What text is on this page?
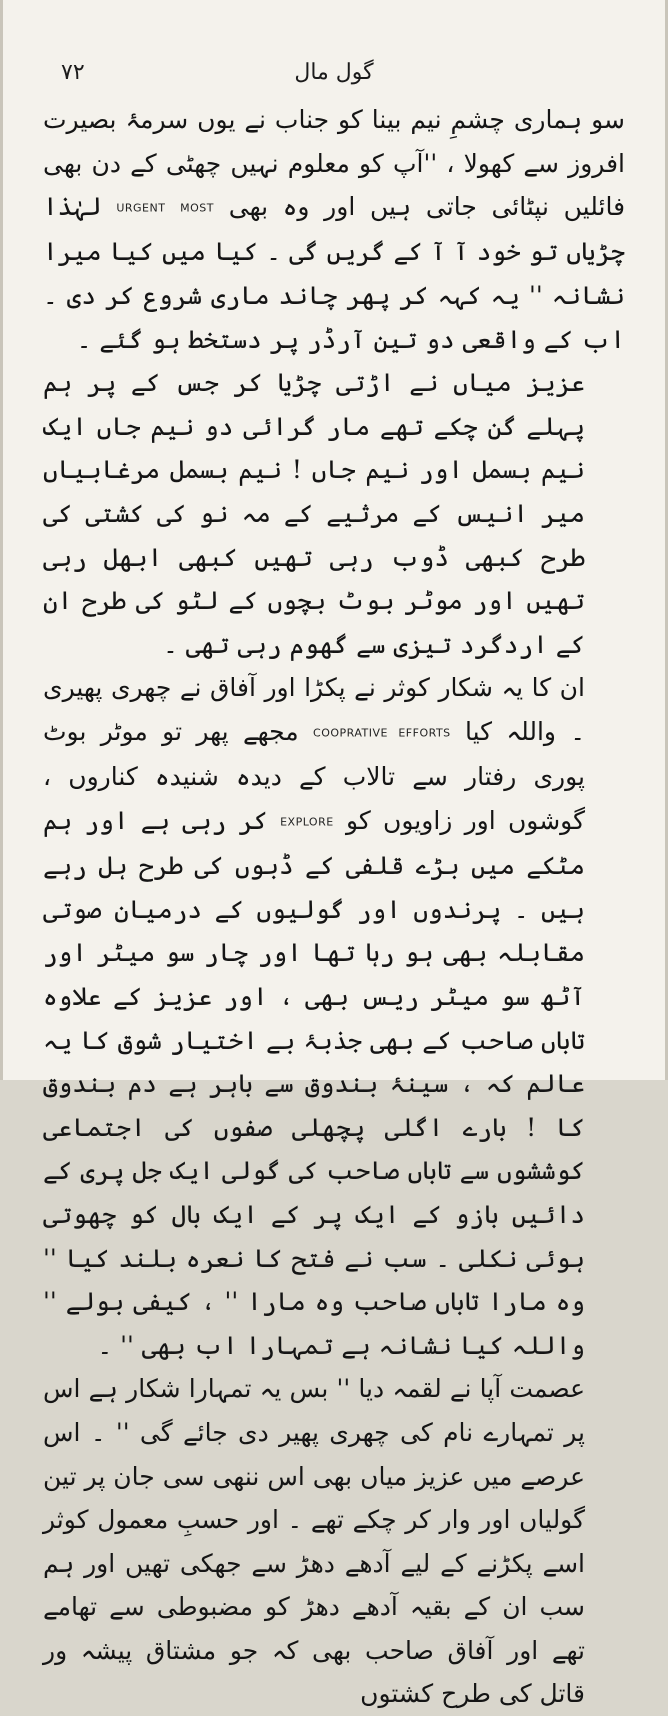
۷۲	گول مال

سو ہماری چشمِ نیم بینا کو جناب نے یوں سرمۂ بصیرت افروز سے کھولا ، ''آپ کو معلوم نہیں چھٹی کے دن بھی فائلیں نپٹائی جاتی ہیں اور وہ بھی MOST URGENT لہٰذا چڑیاں تو خود آ آ کے گریں گی ۔ کیا میں کیا میرا نشانہ '' یہ کہہ کر پھر چاند ماری شروع کر دی ۔ اب کے واقعی دو تین آرڈر پر دستخط ہو گئے ۔

عزیز میاں نے اڑتی چڑیا کر جس کے پر ہم پہلے گن چکے تھے مار گرائی دو نیم جاں ایک نیم بسمل اور نیم جاں ! نیم بسمل مرغابیاں میر انیس کے مرثیے کے مہ نو کی کشتی کی طرح کبھی ڈوب رہی تھیں کبھی ابھل رہی تھیں اور موٹر بوٹ بچوں کے لٹو کی طرح ان کے اردگرد تیزی سے گھوم رہی تھی ۔

ان کا یہ شکار کوثر نے پکڑا اور آفاق نے چھری پھیری ۔ واللہ کیا COOPRATIVE EFFORTS مجھے پھر تو موٹر بوٹ پوری رفتار سے تالاب کے دیدہ شنیدہ کناروں ، گوشوں اور زاویوں کو EXPLORE کر رہی ہے اور ہم مٹکے میں بڑے قلفی کے ڈبوں کی طرح ہل رہے ہیں ۔ پرندوں اور گولیوں کے درمیان صوتی مقابلہ بھی ہو رہا تھا اور چار سو میٹر اور آٹھ سو میٹر ریس بھی ، اور عزیز کے علاوہ تاباں صاحب کے بھی جذبۂ بے اختیار شوق کا یہ عالم کہ ، سینۂ بندوق سے باہر ہے دم بندوق کا ! بارے اگلی پچھلی صفوں کی اجتماعی کوششوں سے تاباں صاحب کی گولی ایک جل پری کے دائیں بازو کے ایک پر کے ایک بال کو چھوتی ہوئی نکلی ۔ سب نے فتح کا نعرہ بلند کیا '' وہ مارا تاباں صاحب وہ مارا '' ، کیفی بولے '' واللہ کیا نشانہ ہے تمہارا اب بھی '' ۔

عصمت آپا نے لقمہ دیا '' بس یہ تمہارا شکار ہے اس پر تمہارے نام کی چھری پھیر دی جائے گی '' ۔ اس عرصے میں عزیز میاں بھی اس ننھی سی جان پر تین گولیاں اور وار کر چکے تھے ۔ اور حسبِ معمول کوثر اسے پکڑنے کے لیے آدھے دھڑ سے جھکی تھیں اور ہم سب ان کے بقیہ آدھے دھڑ کو مضبوطی سے تھامے تھے اور آفاق صاحب بھی کہ جو مشتاق پیشہ ور قاتل کی طرح کشتوں
